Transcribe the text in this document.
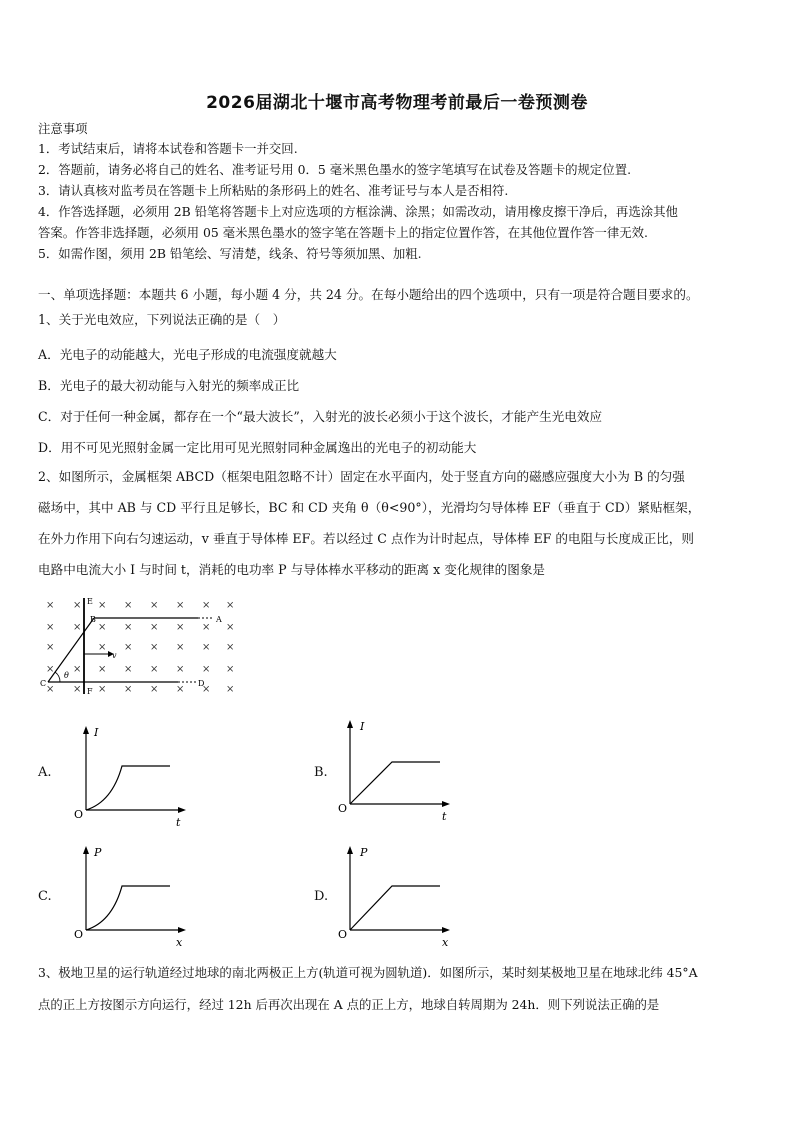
2026届湖北十堰市高考物理考前最后一卷预测卷
注意事项
1．考试结束后，请将本试卷和答题卡一并交回.
2．答题前，请务必将自己的姓名、准考证号用 0．5 毫米黑色墨水的签字笔填写在试卷及答题卡的规定位置.
3．请认真核对监考员在答题卡上所粘贴的条形码上的姓名、准考证号与本人是否相符.
4．作答选择题，必须用 2B 铅笔将答题卡上对应选项的方框涂满、涂黑；如需改动，请用橡皮擦干净后，再选涂其他
答案。作答非选择题，必须用 05 毫米黑色墨水的签字笔在答题卡上的指定位置作答，在其他位置作答一律无效.
5．如需作图，须用 2B 铅笔绘、写清楚，线条、符号等须加黑、加粗.
一、单项选择题：本题共 6 小题，每小题 4 分，共 24 分。在每小题给出的四个选项中，只有一项是符合题目要求的。
1、关于光电效应，下列说法正确的是（　）
A．光电子的动能越大，光电子形成的电流强度就越大
B．光电子的最大初动能与入射光的频率成正比
C．对于任何一种金属，都存在一个“最大波长”，入射光的波长必须小于这个波长，才能产生光电效应
D．用不可见光照射金属一定比用可见光照射同种金属逸出的光电子的初动能大
2、如图所示，金属框架 ABCD（框架电阻忽略不计）固定在水平面内，处于竖直方向的磁感应强度大小为 B 的匀强
磁场中，其中 AB 与 CD 平行且足够长，BC 和 CD 夹角 θ（θ<90°），光滑均匀导体棒 EF（垂直于 CD）紧贴框架，
在外力作用下向右匀速运动，v 垂直于导体棒 EF。若以经过 C 点作为计时起点，导体棒 EF 的电阻与长度成正比，则
电路中电流大小 I 与时间 t，消耗的电功率 P 与导体棒水平移动的距离 x 变化规律的图象是
× × × × × × × ×
× × × × × × × ×
×	× × × × × ×
× × × × × × × ×
× × × × × × × ×
E
F
B	A
C	D
θ
v
A.
I
O
t
B.
I
O
t
C.
P
O
x
D.
P
O
x
3、极地卫星的运行轨道经过地球的南北两极正上方(轨道可视为圆轨道)．如图所示，某时刻某极地卫星在地球北纬 45°A
点的正上方按图示方向运行，经过 12h 后再次出现在 A 点的正上方，地球自转周期为 24h．则下列说法正确的是
